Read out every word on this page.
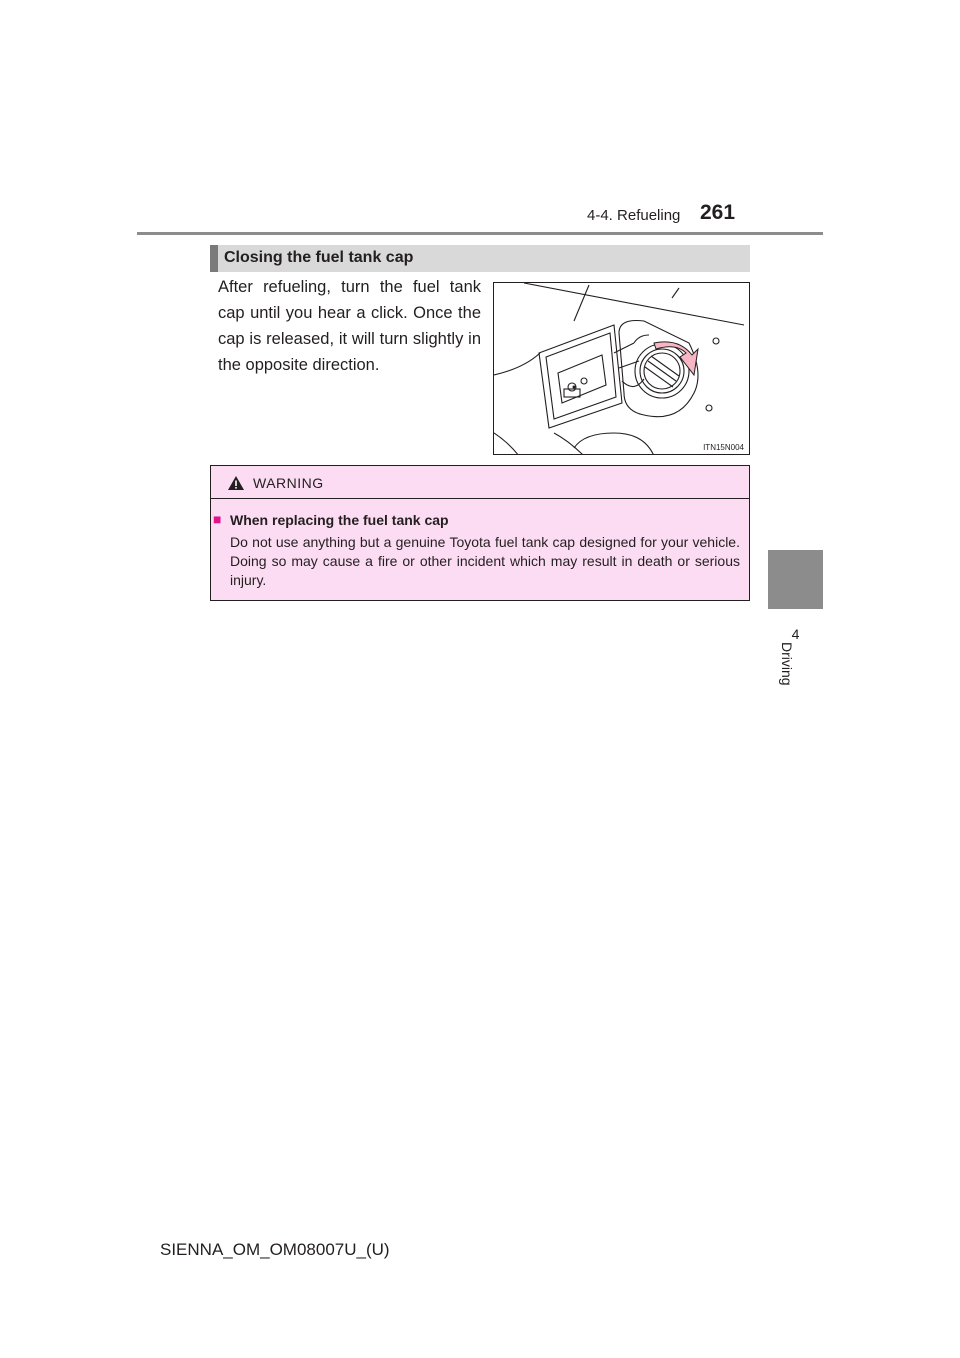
4-4. Refueling 261
4
Driving
Closing the fuel tank cap

After refueling, turn the fuel tank cap until you hear a click. Once the cap is released, it will turn slightly in the opposite direction.

ITN15N004
WARNING
■ When replacing the fuel tank cap

Do not use anything but a genuine Toyota fuel tank cap designed for your vehicle. Doing so may cause a fire or other incident which may result in death or serious injury.

SIENNA_OM_OM08007U_(U)
